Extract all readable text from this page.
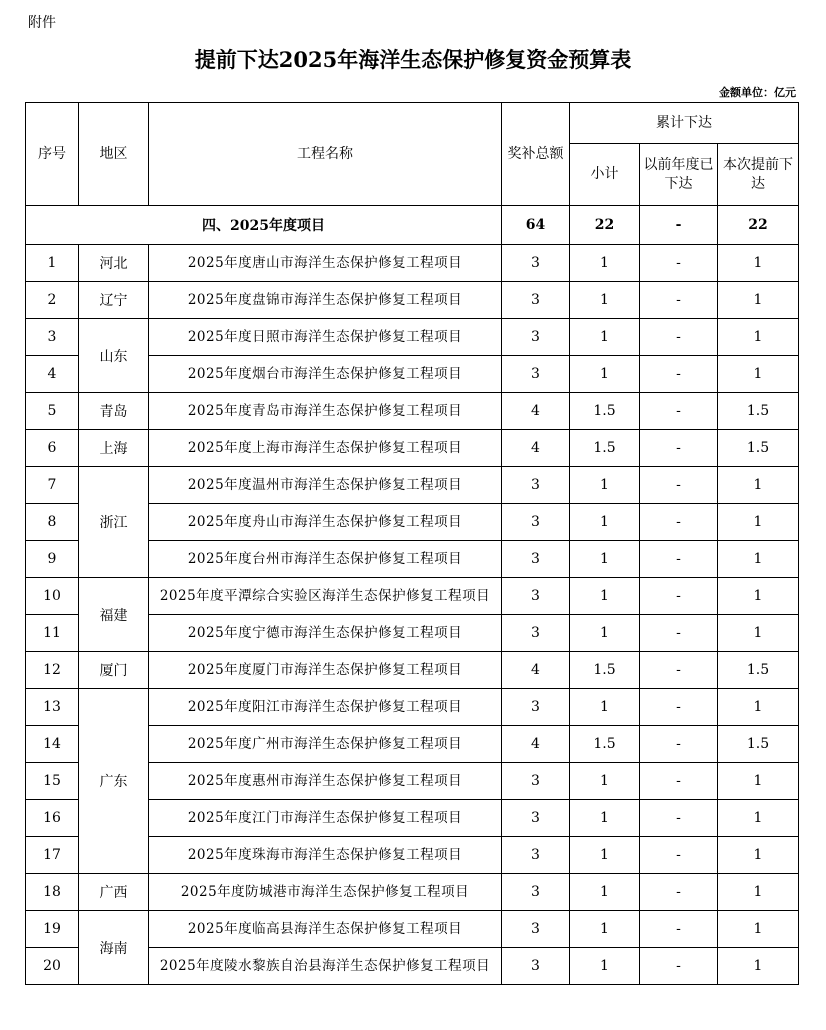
附件
提前下达2025年海洋生态保护修复资金预算表
金额单位：亿元
序号	地区	工程名称	奖补总额	累计下达		
				小计	以前年度已下达	本次提前下达
四、2025年度项目			64	22	-	22
1	河北	2025年度唐山市海洋生态保护修复工程项目	3	1	-	1
2	辽宁	2025年度盘锦市海洋生态保护修复工程项目	3	1	-	1
3	山东	2025年度日照市海洋生态保护修复工程项目	3	1	-	1
4		2025年度烟台市海洋生态保护修复工程项目	3	1	-	1
5	青岛	2025年度青岛市海洋生态保护修复工程项目	4	1.5	-	1.5
6	上海	2025年度上海市海洋生态保护修复工程项目	4	1.5	-	1.5
7	浙江	2025年度温州市海洋生态保护修复工程项目	3	1	-	1
8		2025年度舟山市海洋生态保护修复工程项目	3	1	-	1
9		2025年度台州市海洋生态保护修复工程项目	3	1	-	1
10	福建	2025年度平潭综合实验区海洋生态保护修复工程项目	3	1	-	1
11		2025年度宁德市海洋生态保护修复工程项目	3	1	-	1
12	厦门	2025年度厦门市海洋生态保护修复工程项目	4	1.5	-	1.5
13	广东	2025年度阳江市海洋生态保护修复工程项目	3	1	-	1
14		2025年度广州市海洋生态保护修复工程项目	4	1.5	-	1.5
15		2025年度惠州市海洋生态保护修复工程项目	3	1	-	1
16		2025年度江门市海洋生态保护修复工程项目	3	1	-	1
17		2025年度珠海市海洋生态保护修复工程项目	3	1	-	1
18	广西	2025年度防城港市海洋生态保护修复工程项目	3	1	-	1
19	海南	2025年度临高县海洋生态保护修复工程项目	3	1	-	1
20		2025年度陵水黎族自治县海洋生态保护修复工程项目	3	1	-	1
